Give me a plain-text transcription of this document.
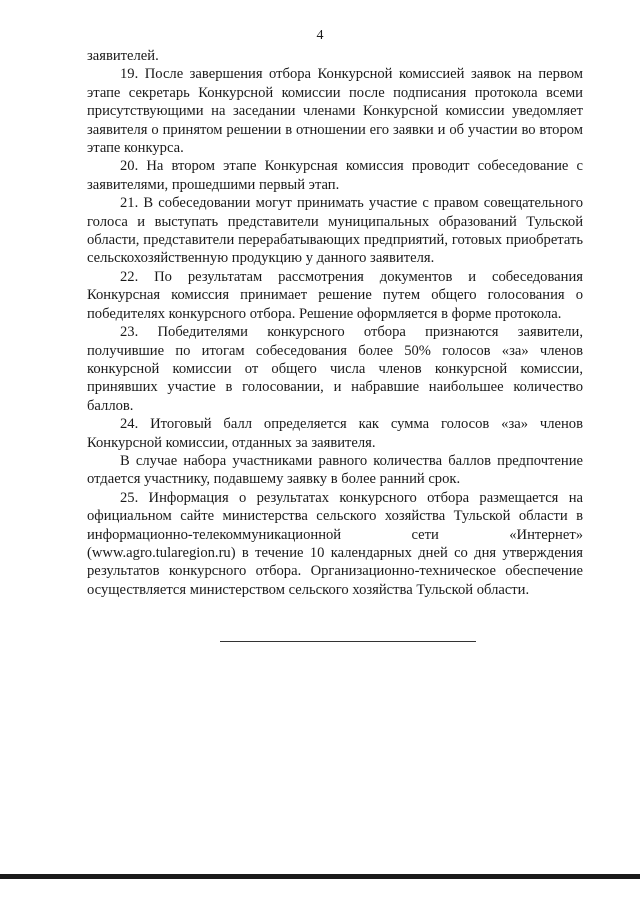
4

заявителей.

19. После завершения отбора Конкурсной комиссией заявок на первом этапе секретарь Конкурсной комиссии после подписания протокола всеми присутствующими на заседании членами Конкурсной комиссии уведомляет заявителя о принятом решении в отношении его заявки и об участии во втором этапе конкурса.

20. На втором этапе Конкурсная комиссия проводит собеседование с заявителями, прошедшими первый этап.

21. В собеседовании могут принимать участие с правом совещательного голоса и выступать представители муниципальных образований Тульской области, представители перерабатывающих предприятий, готовых приобретать сельскохозяйственную продукцию у данного заявителя.

22. По результатам рассмотрения документов и собеседования Конкурсная комиссия принимает решение путем общего голосования о победителях конкурсного отбора. Решение оформляется в форме протокола.

23. Победителями конкурсного отбора признаются заявители, получившие по итогам собеседования более 50% голосов «за» членов конкурсной комиссии от общего числа членов конкурсной комиссии, принявших участие в голосовании, и набравшие наибольшее количество баллов.

24. Итоговый балл определяется как сумма голосов «за» членов Конкурсной комиссии, отданных за заявителя.

В случае набора участниками равного количества баллов предпочтение отдается участнику, подавшему заявку в более ранний срок.

25. Информация о результатах конкурсного отбора размещается на официальном сайте министерства сельского хозяйства Тульской области в информационно-телекоммуникационной сети «Интернет» (www.agro.tularegion.ru) в течение 10 календарных дней со дня утверждения результатов конкурсного отбора. Организационно-техническое обеспечение осуществляется министерством сельского хозяйства Тульской области.
